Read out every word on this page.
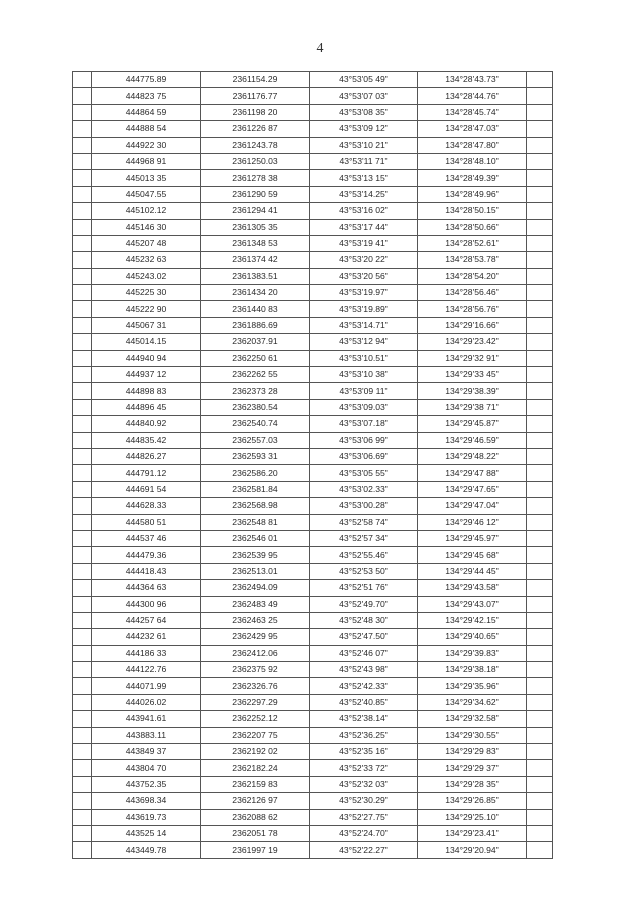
4
	444775.89	2361154.29	43°53'05 49"	134°28'43.73"	
	444823 75	2361176.77	43°53'07 03"	134°28'44.76"	
	444864 59	2361198 20	43°53'08 35"	134°28'45.74"	
	444888 54	2361226 87	43°53'09 12"	134°28'47.03"	
	444922 30	2361243.78	43°53'10 21"	134°28'47.80"	
	444968 91	2361250.03	43°53'11 71"	134°28'48.10"	
	445013 35	2361278 38	43°53'13 15"	134°28'49.39"	
	445047.55	2361290 59	43°53'14.25"	134°28'49.96"	
	445102.12	2361294 41	43°53'16 02"	134°28'50.15"	
	445146 30	2361305 35	43°53'17 44"	134°28'50.66"	
	445207 48	2361348 53	43°53'19 41"	134°28'52.61"	
	445232 63	2361374 42	43°53'20 22"	134°28'53.78"	
	445243.02	2361383.51	43°53'20 56"	134°28'54.20"	
	445225 30	2361434 20	43°53'19.97"	134°28'56.46"	
	445222 90	2361440 83	43°53'19.89"	134°28'56.76"	
	445067 31	2361886.69	43°53'14.71"	134°29'16.66"	
	445014.15	2362037.91	43°53'12 94"	134°29'23.42"	
	444940 94	2362250 61	43°53'10.51"	134°29'32 91"	
	444937 12	2362262 55	43°53'10 38"	134°29'33 45"	
	444898 83	2362373 28	43°53'09 11"	134°29'38.39"	
	444896 45	2362380.54	43°53'09.03"	134°29'38 71"	
	444840.92	2362540.74	43°53'07.18"	134°29'45.87"	
	444835.42	2362557.03	43°53'06 99"	134°29'46.59"	
	444826.27	2362593 31	43°53'06.69"	134°29'48.22"	
	444791.12	2362586.20	43°53'05 55"	134°29'47 88"	
	444691 54	2362581.84	43°53'02.33"	134°29'47.65"	
	444628.33	2362568.98	43°53'00.28"	134°29'47.04"	
	444580 51	2362548 81	43°52'58 74"	134°29'46 12"	
	444537 46	2362546 01	43°52'57 34"	134°29'45.97"	
	444479.36	2362539 95	43°52'55.46"	134°29'45 68"	
	444418.43	2362513.01	43°52'53 50"	134°29'44 45"	
	444364 63	2362494.09	43°52'51 76"	134°29'43.58"	
	444300 96	2362483 49	43°52'49.70"	134°29'43.07"	
	444257 64	2362463 25	43°52'48 30"	134°29'42.15"	
	444232 61	2362429 95	43°52'47.50"	134°29'40.65"	
	444186 33	2362412.06	43°52'46 07"	134°29'39.83"	
	444122.76	2362375 92	43°52'43 98"	134°29'38.18"	
	444071.99	2362326.76	43°52'42.33"	134°29'35.96"	
	444026.02	2362297.29	43°52'40.85"	134°29'34.62"	
	443941.61	2362252.12	43°52'38.14"	134°29'32.58"	
	443883.11	2362207 75	43°52'36.25"	134°29'30.55"	
	443849 37	2362192 02	43°52'35 16"	134°29'29 83"	
	443804 70	2362182.24	43°52'33 72"	134°29'29 37"	
	443752.35	2362159 83	43°52'32 03"	134°29'28 35"	
	443698.34	2362126 97	43°52'30.29"	134°29'26.85"	
	443619.73	2362088 62	43°52'27.75"	134°29'25.10"	
	443525 14	2362051 78	43°52'24.70"	134°29'23.41"	
	443449.78	2361997 19	43°52'22.27"	134°29'20.94"	
